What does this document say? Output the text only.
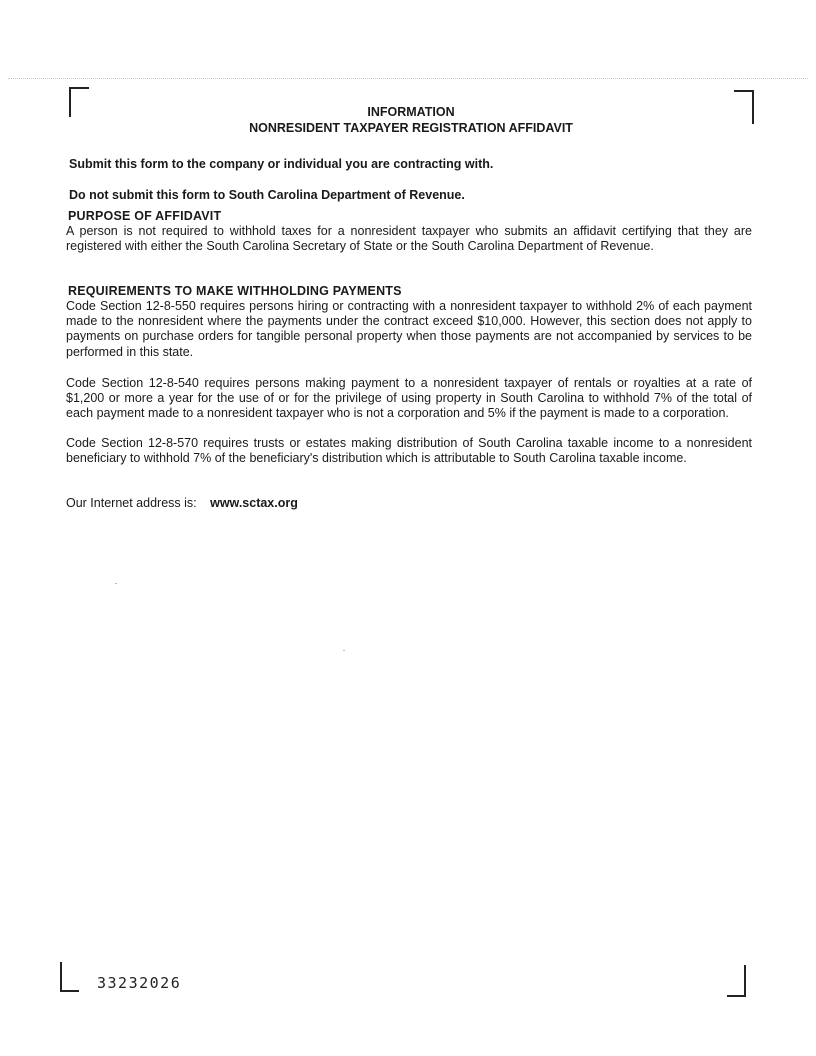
INFORMATION
NONRESIDENT TAXPAYER REGISTRATION AFFIDAVIT
Submit this form to the company or individual you are contracting with.
Do not submit this form to South Carolina Department of Revenue.
PURPOSE OF AFFIDAVIT
A person is not required to withhold taxes for a nonresident taxpayer who submits an affidavit certifying that they are registered with either the South Carolina Secretary of State or the South Carolina Department of Revenue.
REQUIREMENTS TO MAKE WITHHOLDING PAYMENTS
Code Section 12-8-550 requires persons hiring or contracting with a nonresident taxpayer to withhold 2% of each payment made to the nonresident where the payments under the contract exceed $10,000. However, this section does not apply to payments on purchase orders for tangible personal property when those payments are not accompanied by services to be performed in this state.
Code Section 12-8-540 requires persons making payment to a nonresident taxpayer of rentals or royalties at a rate of $1,200 or more a year for the use of or for the privilege of using property in South Carolina to withhold 7% of the total of each payment made to a nonresident taxpayer who is not a corporation and 5% if the payment is made to a corporation.
Code Section 12-8-570 requires trusts or estates making distribution of South Carolina taxable income to a nonresident beneficiary to withhold 7% of the beneficiary's distribution which is attributable to South Carolina taxable income.
Our Internet address is: www.sctax.org
33232026
